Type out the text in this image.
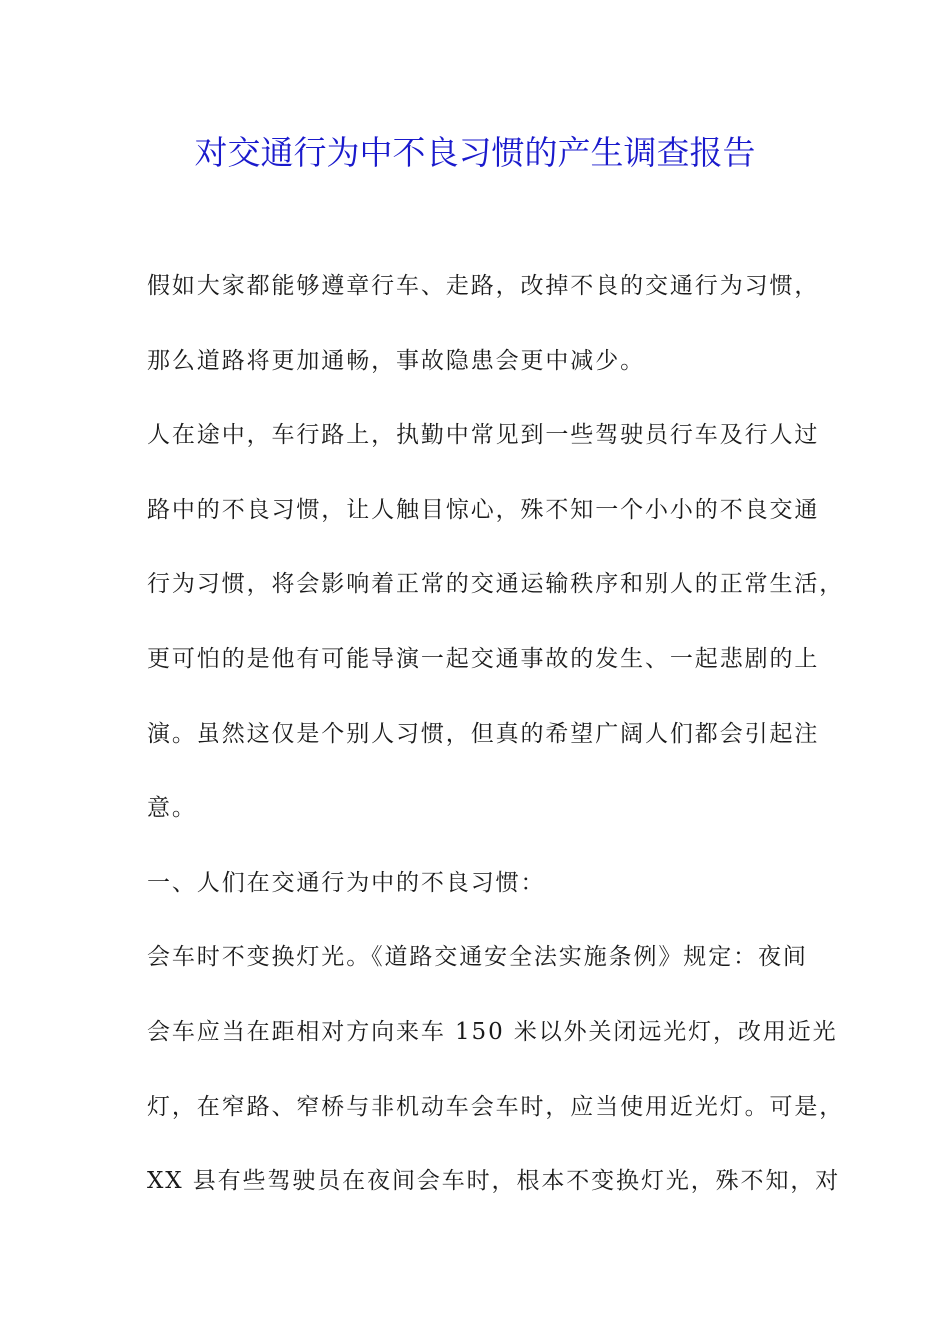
对交通行为中不良习惯的产生调查报告
假如大家都能够遵章行车、走路，改掉不良的交通行为习惯，
那么道路将更加通畅，事故隐患会更中减少。
人在途中，车行路上，执勤中常见到一些驾驶员行车及行人过
路中的不良习惯，让人触目惊心，殊不知一个小小的不良交通
行为习惯，将会影响着正常的交通运输秩序和别人的正常生活，
更可怕的是他有可能导演一起交通事故的发生、一起悲剧的上
演。虽然这仅是个别人习惯，但真的希望广阔人们都会引起注
意。
一、人们在交通行为中的不良习惯：
会车时不变换灯光。《道路交通安全法实施条例》规定：夜间
会车应当在距相对方向来车 150 米以外关闭远光灯，改用近光
灯，在窄路、窄桥与非机动车会车时，应当使用近光灯。可是，
XX 县有些驾驶员在夜间会车时，根本不变换灯光，殊不知，对
